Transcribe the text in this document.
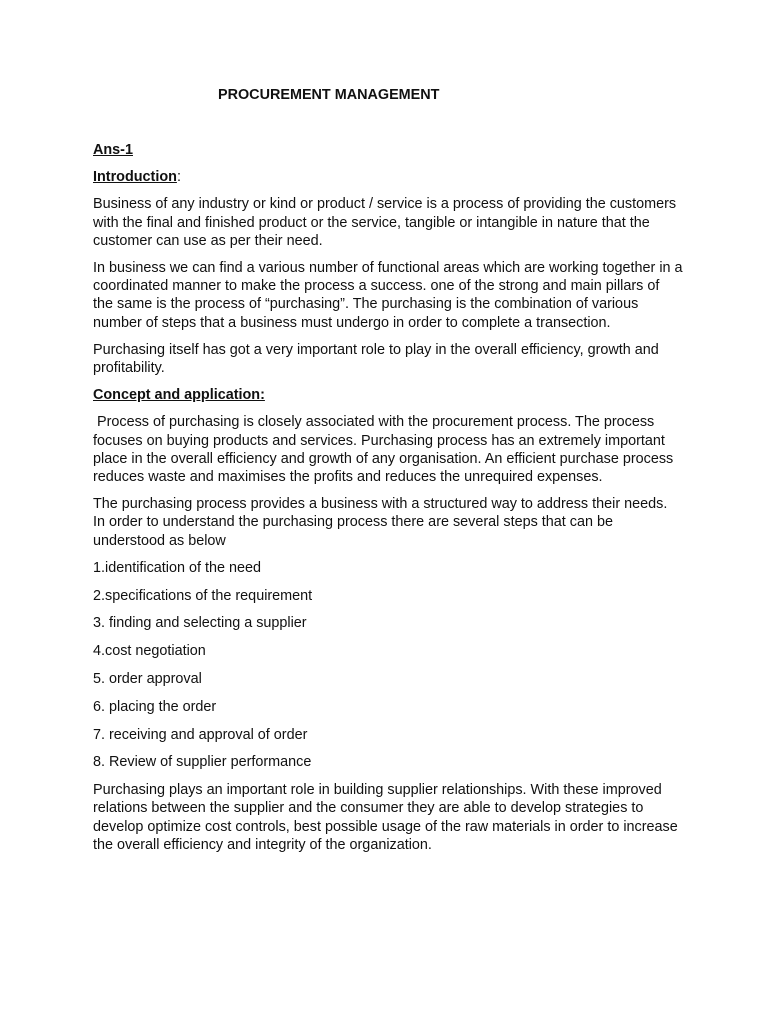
PROCUREMENT MANAGEMENT
Ans-1
Introduction:

Business of any industry or kind or product / service is a process of providing the customers with the final and finished product or the service, tangible or intangible in nature that the customer can use as per their need.

In business we can find a various number of functional areas which are working together in a coordinated manner to make the process a success. one of the strong and main pillars of the same is the process of “purchasing”. The purchasing is the combination of various number of steps that a business must undergo in order to complete a transection.

Purchasing itself has got a very important role to play in the overall efficiency, growth and profitability.

Concept and application:

Process of purchasing is closely associated with the procurement process. The process focuses on buying products and services. Purchasing process has an extremely important place in the overall efficiency and growth of any organisation. An efficient purchase process reduces waste and maximises the profits and reduces the unrequired expenses.

The purchasing process provides a business with a structured way to address their needs. In order to understand the purchasing process there are several steps that can be understood as below

1.identification of the need
2.specifications of the requirement
3. finding and selecting a supplier
4.cost negotiation
5. order approval
6. placing the order
7. receiving and approval of order
8. Review of supplier performance

Purchasing plays an important role in building supplier relationships. With these improved relations between the supplier and the consumer they are able to develop strategies to develop optimize cost controls, best possible usage of the raw materials in order to increase the overall efficiency and integrity of the organization.
